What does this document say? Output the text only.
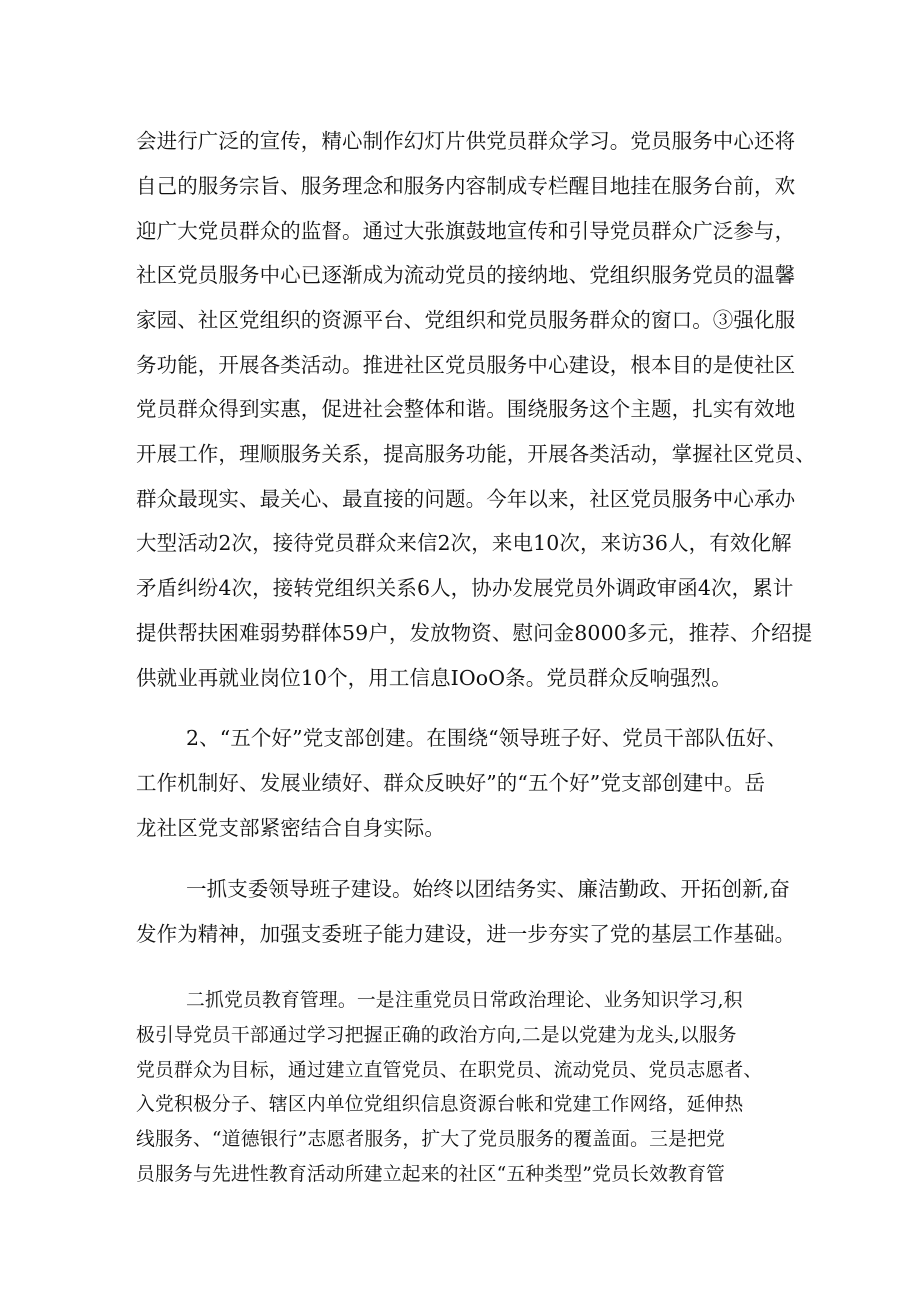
会进行广泛的宣传，精心制作幻灯片供党员群众学习。党员服务中心还将
自己的服务宗旨、服务理念和服务内容制成专栏醒目地挂在服务台前，欢
迎广大党员群众的监督。通过大张旗鼓地宣传和引导党员群众广泛参与，
社区党员服务中心已逐渐成为流动党员的接纳地、党组织服务党员的温馨
家园、社区党组织的资源平台、党组织和党员服务群众的窗口。③强化服
务功能，开展各类活动。推进社区党员服务中心建设，根本目的是使社区
党员群众得到实惠，促进社会整体和谐。围绕服务这个主题，扎实有效地
开展工作，理顺服务关系，提高服务功能，开展各类活动，掌握社区党员、
群众最现实、最关心、最直接的问题。今年以来，社区党员服务中心承办
大型活动2次，接待党员群众来信2次，来电10次，来访36人，有效化解
矛盾纠纷4次，接转党组织关系6人，协办发展党员外调政审函4次，累计
提供帮扶困难弱势群体59户，发放物资、慰问金8000多元，推荐、介绍提
供就业再就业岗位10个，用工信息IOoO条。党员群众反响强烈。
2、“五个好”党支部创建。在围绕“领导班子好、党员干部队伍好、
工作机制好、发展业绩好、群众反映好”的“五个好”党支部创建中。岳
龙社区党支部紧密结合自身实际。
一抓支委领导班子建设。始终以团结务实、廉洁勤政、开拓创新,奋
发作为精神，加强支委班子能力建设，进一步夯实了党的基层工作基础。
二抓党员教育管理。一是注重党员日常政治理论、业务知识学习,积
极引导党员干部通过学习把握正确的政治方向,二是以党建为龙头,以服务
党员群众为目标，通过建立直管党员、在职党员、流动党员、党员志愿者、
入党积极分子、辖区内单位党组织信息资源台帐和党建工作网络，延伸热
线服务、“道德银行”志愿者服务，扩大了党员服务的覆盖面。三是把党
员服务与先进性教育活动所建立起来的社区“五种类型”党员长效教育管
